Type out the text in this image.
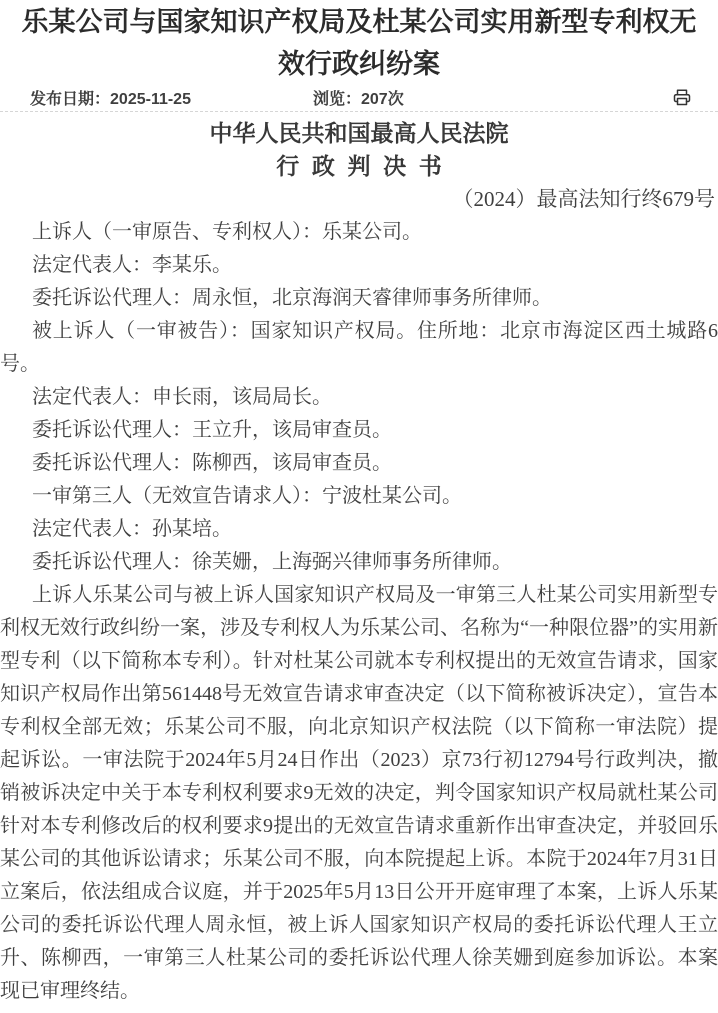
乐某公司与国家知识产权局及杜某公司实用新型专利权无效行政纠纷案
发布日期：2025-11-25	浏览：207次
中华人民共和国最高人民法院
行政判决书

（2024）最高法知行终679号

上诉人（一审原告、专利权人）：乐某公司。

法定代表人：李某乐。

委托诉讼代理人：周永恒，北京海润天睿律师事务所律师。

被上诉人（一审被告）：国家知识产权局。住所地：北京市海淀区西土城路6号。

法定代表人：申长雨，该局局长。

委托诉讼代理人：王立升，该局审查员。

委托诉讼代理人：陈柳西，该局审查员。

一审第三人（无效宣告请求人）：宁波杜某公司。

法定代表人：孙某培。

委托诉讼代理人：徐芙姗，上海弼兴律师事务所律师。

上诉人乐某公司与被上诉人国家知识产权局及一审第三人杜某公司实用新型专利权无效行政纠纷一案，涉及专利权人为乐某公司、名称为“一种限位器”的实用新型专利（以下简称本专利）。针对杜某公司就本专利权提出的无效宣告请求，国家知识产权局作出第561448号无效宣告请求审查决定（以下简称被诉决定），宣告本专利权全部无效；乐某公司不服，向北京知识产权法院（以下简称一审法院）提起诉讼。一审法院于2024年5月24日作出（2023）京73行初12794号行政判决，撤销被诉决定中关于本专利权利要求9无效的决定，判令国家知识产权局就杜某公司针对本专利修改后的权利要求9提出的无效宣告请求重新作出审查决定，并驳回乐某公司的其他诉讼请求；乐某公司不服，向本院提起上诉。本院于2024年7月31日立案后，依法组成合议庭，并于2025年5月13日公开开庭审理了本案，上诉人乐某公司的委托诉讼代理人周永恒，被上诉人国家知识产权局的委托诉讼代理人王立升、陈柳西，一审第三人杜某公司的委托诉讼代理人徐芙姗到庭参加诉讼。本案现已审理终结。
